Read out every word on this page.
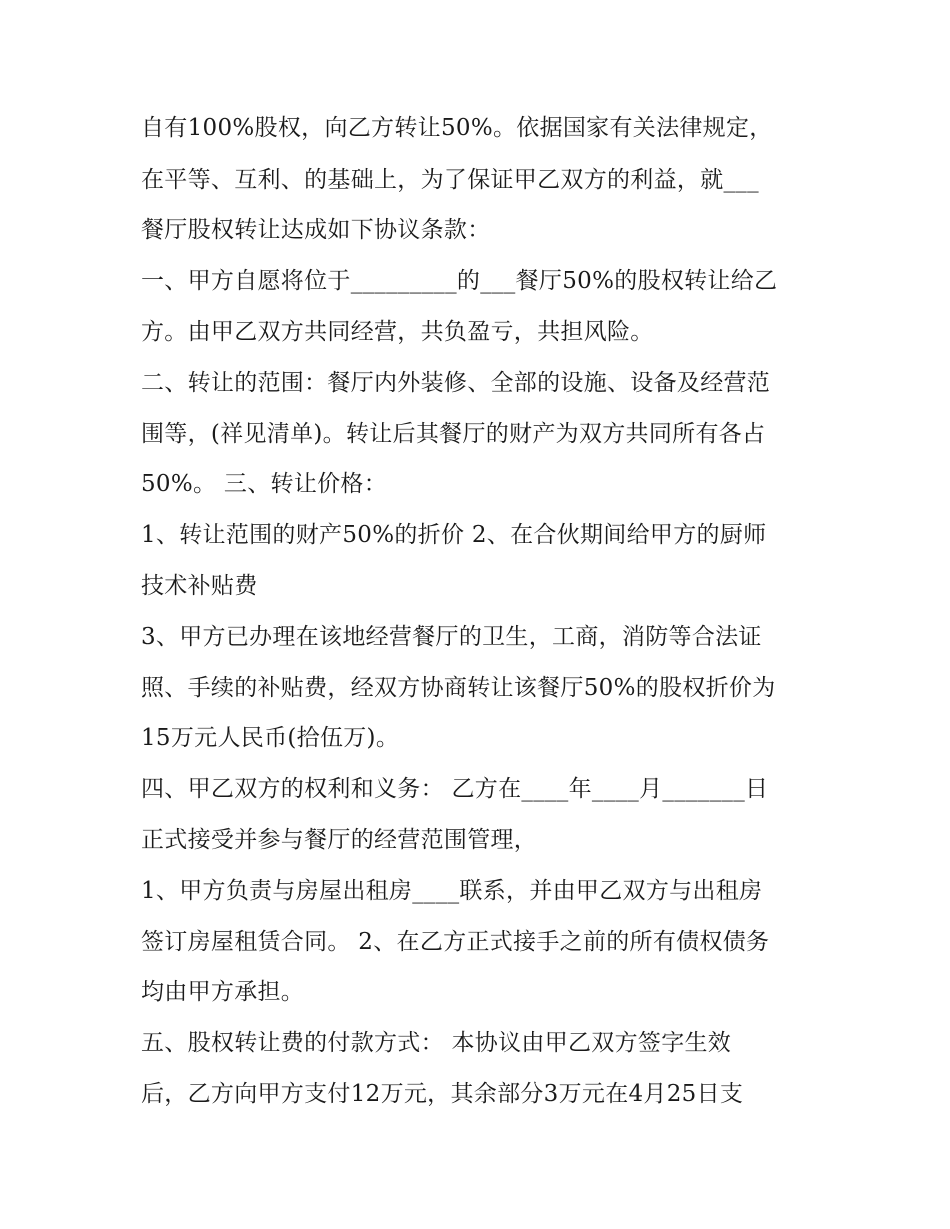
自有100%股权，向乙方转让50%。依据国家有关法律规定，
在平等、互利、的基础上，为了保证甲乙双方的利益，就___
餐厅股权转让达成如下协议条款：
一、甲方自愿将位于_________的___餐厅50%的股权转让给乙
方。由甲乙双方共同经营，共负盈亏，共担风险。
二、转让的范围：餐厅内外装修、全部的设施、设备及经营范
围等，(祥见清单)。转让后其餐厅的财产为双方共同所有各占
50%。 三、转让价格：
1、转让范围的财产50%的折价 2、在合伙期间给甲方的厨师
技术补贴费
3、甲方已办理在该地经营餐厅的卫生，工商，消防等合法证
照、手续的补贴费，经双方协商转让该餐厅50%的股权折价为
15万元人民币(拾伍万)。
四、甲乙双方的权利和义务： 乙方在____年____月_______日
正式接受并参与餐厅的经营范围管理，
1、甲方负责与房屋出租房____联系，并由甲乙双方与出租房
签订房屋租赁合同。 2、在乙方正式接手之前的所有债权债务
均由甲方承担。
五、股权转让费的付款方式： 本协议由甲乙双方签字生效
后，乙方向甲方支付12万元，其余部分3万元在4月25日支
